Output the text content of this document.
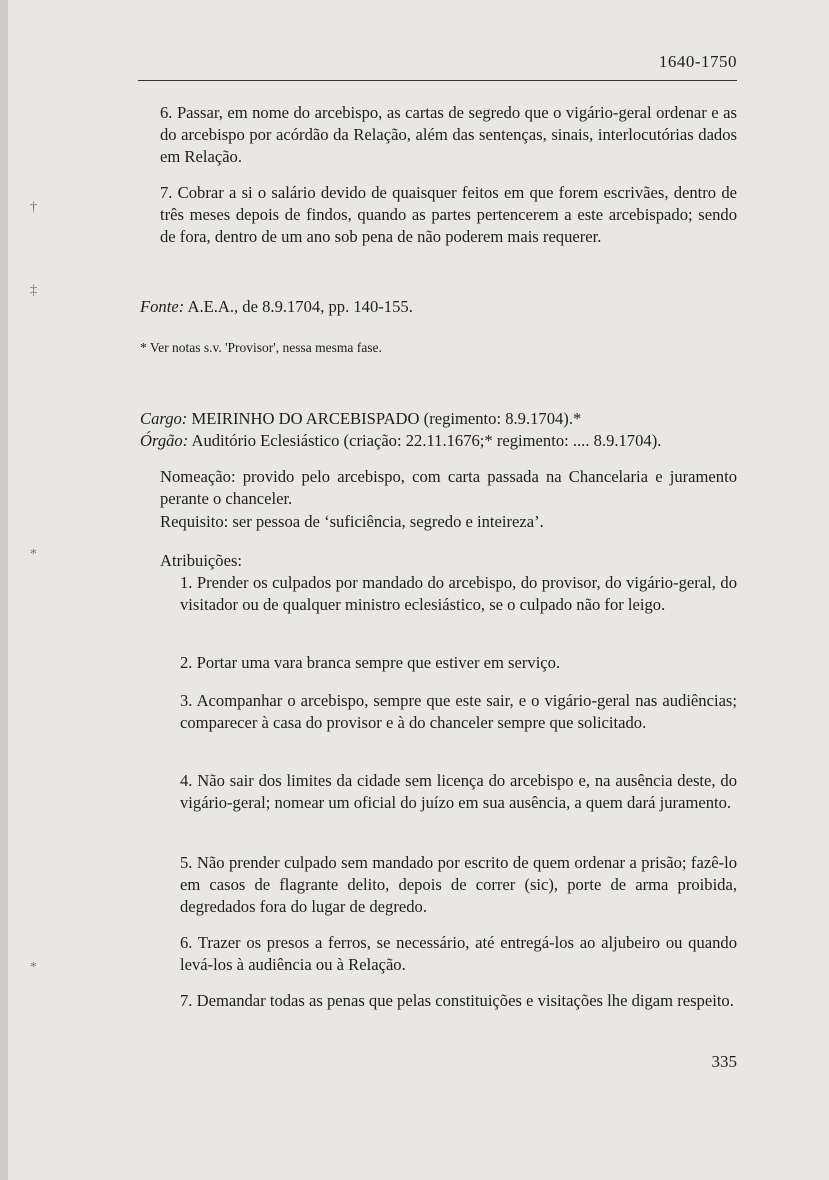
1640-1750
†
‡
*
*
6. Passar, em nome do arcebispo, as cartas de segredo que o vigário-geral ordenar e as do arcebispo por acórdão da Relação, além das sentenças, sinais, interlocutórias dados em Relação.
7. Cobrar a si o salário devido de quaisquer feitos em que forem escrivães, dentro de três meses depois de findos, quando as partes pertencerem a este arcebispado; sendo de fora, dentro de um ano sob pena de não poderem mais requerer.
Fonte: A.E.A., de 8.9.1704, pp. 140-155.
* Ver notas s.v. 'Provisor', nessa mesma fase.
Cargo: MEIRINHO DO ARCEBISPADO (regimento: 8.9.1704).*
Órgão: Auditório Eclesiástico (criação: 22.11.1676;* regimento: .... 8.9.1704).
Nomeação: provido pelo arcebispo, com carta passada na Chancelaria e juramento perante o chanceler.
Requisito: ser pessoa de ‘suficiência, segredo e inteireza’.
Atribuições:
1. Prender os culpados por mandado do arcebispo, do provisor, do vigário-geral, do visitador ou de qualquer ministro eclesiástico, se o culpado não for leigo.
2. Portar uma vara branca sempre que estiver em serviço.
3. Acompanhar o arcebispo, sempre que este sair, e o vigário-geral nas audiências; comparecer à casa do provisor e à do chanceler sempre que solicitado.
4. Não sair dos limites da cidade sem licença do arcebispo e, na ausência deste, do vigário-geral; nomear um oficial do juízo em sua ausência, a quem dará juramento.
5. Não prender culpado sem mandado por escrito de quem ordenar a prisão; fazê-lo em casos de flagrante delito, depois de correr (sic), porte de arma proibida, degredados fora do lugar de degredo.
6. Trazer os presos a ferros, se necessário, até entregá-los ao aljubeiro ou quando levá-los à audiência ou à Relação.
7. Demandar todas as penas que pelas constituições e visitações lhe digam respeito.
335
